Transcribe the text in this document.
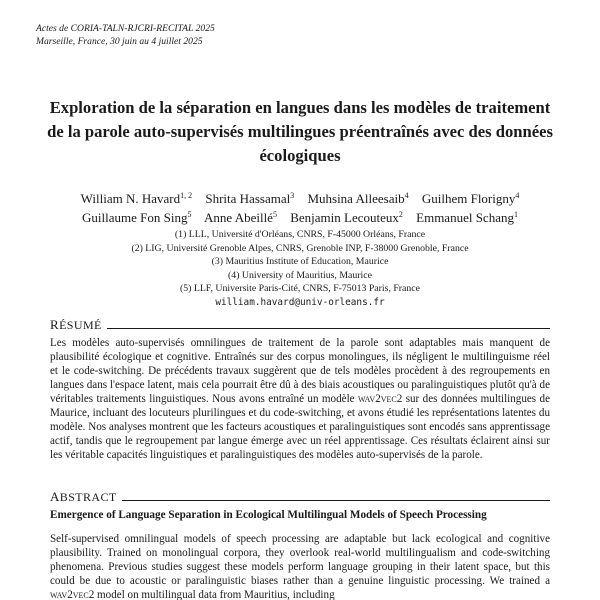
Actes de CORIA-TALN-RJCRI-RECITAL 2025
Marseille, France, 30 juin au 4 juillet 2025
Exploration de la séparation en langues dans les modèles de traitement de la parole auto-supervisés multilingues préentraînés avec des données écologiques
William N. Havard$^{1, 2}$ Shrita Hassamal$^3$ Muhsina Alleesaib$^4$ Guilhem Florigny$^4$
Guillaume Fon Sing$^5$ Anne Abeillé$^5$ Benjamin Lecouteux$^2$ Emmanuel Schang$^1$
(1) LLL, Université d'Orléans, CNRS, F-45000 Orléans, France
(2) LIG, Université Grenoble Alpes, CNRS, Grenoble INP, F-38000 Grenoble, France
(3) Mauritius Institute of Education, Maurice
(4) University of Mauritius, Maurice
(5) LLF, Universite Paris-Cité, CNRS, F-75013 Paris, France
william.havard@univ-orleans.fr
RÉSUMÉ

Les modèles auto-supervisés omnilingues de traitement de la parole sont adaptables mais manquent de plausibilité écologique et cognitive. Entraînés sur des corpus monolingues, ils négligent le multilinguisme réel et le code-switching. De précédents travaux suggèrent que de tels modèles procèdent à des regroupements en langues dans l'espace latent, mais cela pourrait être dû à des biais acoustiques ou paralinguistiques plutôt qu'à de véritables traitements linguistiques. Nous avons entraîné un modèle wav2vec2 sur des données multilingues de Maurice, incluant des locuteurs plurilingues et du code-switching, et avons étudié les représentations latentes du modèle. Nos analyses montrent que les facteurs acoustiques et paralinguistiques sont encodés sans apprentissage actif, tandis que le regroupement par langue émerge avec un réel apprentissage. Ces résultats éclairent ainsi sur les véritable capacités linguistiques et paralinguistiques des modèles auto-supervisés de la parole.

ABSTRACT
Emergence of Language Separation in Ecological Multilingual Models of Speech Processing

Self-supervised omnilingual models of speech processing are adaptable but lack ecological and cognitive plausibility. Trained on monolingual corpora, they overlook real-world multilingualism and code-switching phenomena. Previous studies suggest these models perform language grouping in their latent space, but this could be due to acoustic or paralinguistic biases rather than a genuine linguistic processing. We trained a wav2vec2 model on multilingual data from Mauritius, including
